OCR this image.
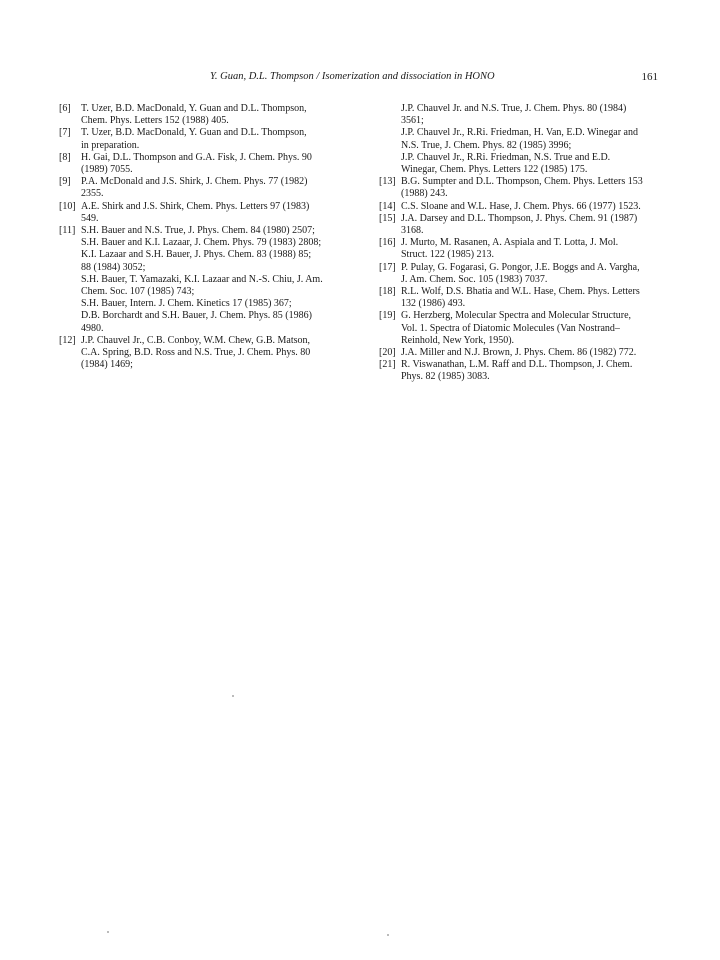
Y. Guan, D.L. Thompson / Isomerization and dissociation in HONO	161
[6] T. Uzer, B.D. MacDonald, Y. Guan and D.L. Thompson,
Chem. Phys. Letters 152 (1988) 405.
[7] T. Uzer, B.D. MacDonald, Y. Guan and D.L. Thompson,
in preparation.
[8] H. Gai, D.L. Thompson and G.A. Fisk, J. Chem. Phys. 90
(1989) 7055.
[9] P.A. McDonald and J.S. Shirk, J. Chem. Phys. 77 (1982)
2355.
[10] A.E. Shirk and J.S. Shirk, Chem. Phys. Letters 97 (1983)
549.
[11] S.H. Bauer and N.S. True, J. Phys. Chem. 84 (1980) 2507;
S.H. Bauer and K.I. Lazaar, J. Chem. Phys. 79 (1983) 2808;
K.I. Lazaar and S.H. Bauer, J. Phys. Chem. 83 (1988) 85;
88 (1984) 3052;
S.H. Bauer, T. Yamazaki, K.I. Lazaar and N.-S. Chiu, J. Am.
Chem. Soc. 107 (1985) 743;
S.H. Bauer, Intern. J. Chem. Kinetics 17 (1985) 367;
D.B. Borchardt and S.H. Bauer, J. Chem. Phys. 85 (1986)
4980.
[12] J.P. Chauvel Jr., C.B. Conboy, W.M. Chew, G.B. Matson,
C.A. Spring, B.D. Ross and N.S. True, J. Chem. Phys. 80
(1984) 1469;
J.P. Chauvel Jr. and N.S. True, J. Chem. Phys. 80 (1984)
3561;
J.P. Chauvel Jr., R.Ri. Friedman, H. Van, E.D. Winegar and
N.S. True, J. Chem. Phys. 82 (1985) 3996;
J.P. Chauvel Jr., R.Ri. Friedman, N.S. True and E.D.
Winegar, Chem. Phys. Letters 122 (1985) 175.
[13] B.G. Sumpter and D.L. Thompson, Chem. Phys. Letters 153
(1988) 243.
[14] C.S. Sloane and W.L. Hase, J. Chem. Phys. 66 (1977) 1523.
[15] J.A. Darsey and D.L. Thompson, J. Phys. Chem. 91 (1987)
3168.
[16] J. Murto, M. Rasanen, A. Aspiala and T. Lotta, J. Mol.
Struct. 122 (1985) 213.
[17] P. Pulay, G. Fogarasi, G. Pongor, J.E. Boggs and A. Vargha,
J. Am. Chem. Soc. 105 (1983) 7037.
[18] R.L. Wolf, D.S. Bhatia and W.L. Hase, Chem. Phys. Letters
132 (1986) 493.
[19] G. Herzberg, Molecular Spectra and Molecular Structure,
Vol. 1. Spectra of Diatomic Molecules (Van Nostrand–
Reinhold, New York, 1950).
[20] J.A. Miller and N.J. Brown, J. Phys. Chem. 86 (1982) 772.
[21] R. Viswanathan, L.M. Raff and D.L. Thompson, J. Chem.
Phys. 82 (1985) 3083.
